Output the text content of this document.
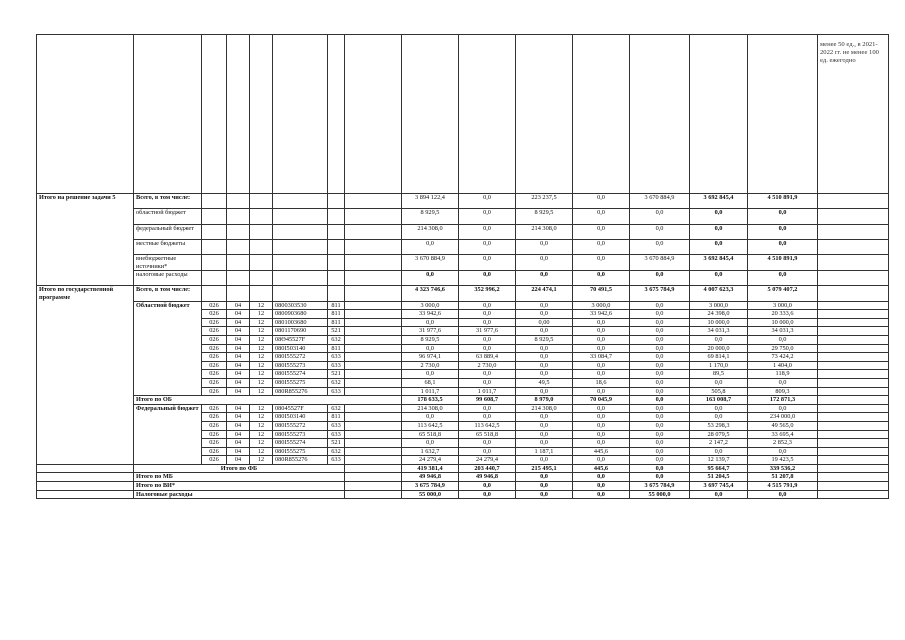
															менее 50 ед., в 2021-2022 гг. не менее 100 ед. ежегодно	
Итого на решение задачи 5	Всего, в том числе:							3 894 122,4	0,0	223 237,5	0,0	3 670 884,9	3 692 845,4	4 510 891,9		
	областной бюджет							8 929,5	0,0	8 929,5	0,0	0,0	0,0	0,0		
	федеральный бюджет							214 308,0	0,0	214 308,0	0,0	0,0	0,0	0,0		
	местные бюджеты							0,0	0,0	0,0	0,0	0,0	0,0	0,0		
	внебюджетные источники*							3 670 884,9	0,0	0,0	0,0	3 670 884,9	3 692 845,4	4 510 891,9		
	налоговые расходы							0,0	0,0	0,0	0,0	0,0	0,0	0,0		
Итого по государственной программе	Всего, в том числе:							4 323 746,6	352 996,2	224 474,1	70 491,5	3 675 784,9	4 007 623,3	5 079 407,2		
	Областной бюджет	026	04	12	0800303530	811		3 000,0	0,0	0,0	3 000,0	0,0	3 000,0	3 000,0		
		026	04	12	0800903680	811		33 942,6	0,0	0,0	33 942,6	0,0	24 398,0	20 333,6		
		026	04	12	0801003680	811		0,0	0,0	0,00	0,0	0,0	10 000,0	10 000,0		
		026	04	12	0801170690	521		31 977,6	31 977,6	0,0	0,0	0,0	34 031,3	34 031,3		
		026	04	12	08Ө45527F	632		8 929,5	0,0	8 929,5	0,0	0,0	0,0	0,0		
		026	04	12	080I503140	811		0,0	0,0	0,0	0,0	0,0	20 000,0	29 750,0		
		026	04	12	080I555272	633		96 974,1	63 889,4	0,0	33 084,7	0,0	69 814,1	73 424,2		
		026	04	12	080I555273	633		2 730,0	2 730,0	0,0	0,0	0,0	1 170,0	1 404,0		
		026	04	12	080I555274	521		0,0	0,0	0,0	0,0	0,0	89,5	118,9		
		026	04	12	080I555275	632		68,1	0,0	49,5	18,6	0,0	0,0	0,0		
		026	04	12	080R855276	633		1 011,7	1 011,7	0,0	0,0	0,0	505,8	809,3		
	Итого по ОБ							178 633,5	99 608,7	8 979,0	70 045,9	0,0	163 008,7	172 871,3		
	Федеральный бюджет	026	04	12	08045527F	632		214 308,0	0,0	214 308,0	0,0	0,0	0,0	0,0		
		026	04	12	080I503140	811		0,0	0,0	0,0	0,0	0,0	0,0	234 000,0		
		026	04	12	080I555272	633		113 642,5	113 642,5	0,0	0,0	0,0	53 298,3	49 565,0		
		026	04	12	080I555273	633		65 518,8	65 518,8	0,0	0,0	0,0	28 079,5	33 695,4		
		026	04	12	080I555274	521		0,0	0,0	0,0	0,0	0,0	2 147,2	2 852,3		
		026	04	12	080I555275	632		1 632,7	0,0	1 187,1	445,6	0,0	0,0	0,0		
		026	04	12	080R855276	633		24 279,4	24 279,4	0,0	0,0	0,0	12 139,7	19 423,5		
	Итого по ФБ							419 381,4	203 440,7	215 495,1	445,6	0,0	95 664,7	339 536,2		
	Итого по МБ							49 946,8	49 946,8	0,0	0,0	0,0	51 204,5	51 207,8		
	Итого по ВИ*							3 675 784,9	0,0	0,0	0,0	3 675 784,9	3 697 745,4	4 515 791,9		
	Налоговые расходы							55 000,0	0,0	0,0	0,0	55 000,0	0,0	0,0		
